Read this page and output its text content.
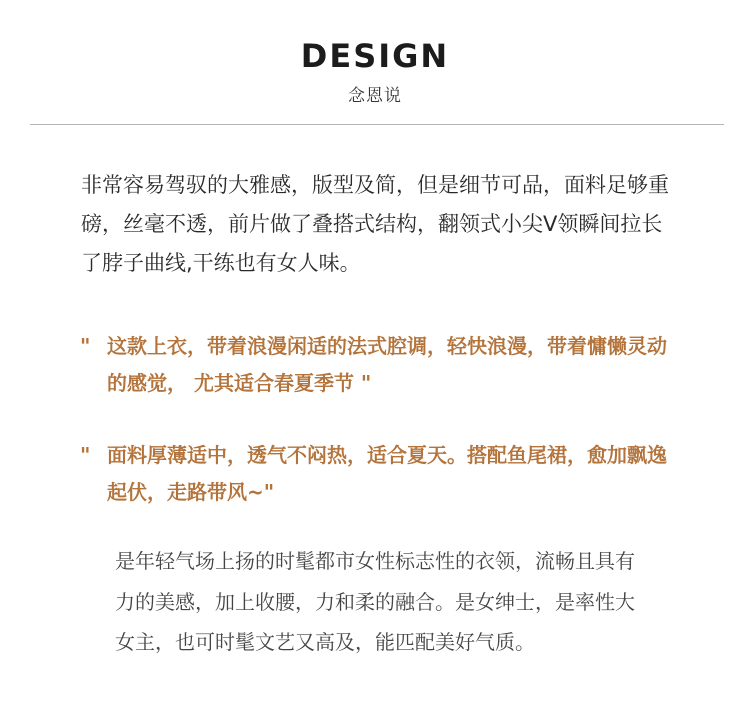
DESIGN
念恩说

非常容易驾驭的大雅感，版型及简，但是细节可品，面料足够重磅，丝毫不透，前片做了叠搭式结构，翻领式小尖V领瞬间拉长了脖子曲线,干练也有女人味。

" 这款上衣，带着浪漫闲适的法式腔调，轻快浪漫，带着慵懒灵动的感觉， 尤其适合春夏季节 "
" 面料厚薄适中，透气不闷热，适合夏天。搭配鱼尾裙，愈加飘逸起伏，走路带风~"

是年轻气场上扬的时髦都市女性标志性的衣领，流畅且具有力的美感，加上收腰，力和柔的融合。是女绅士，是率性大女主，也可时髦文艺又高及，能匹配美好气质。
